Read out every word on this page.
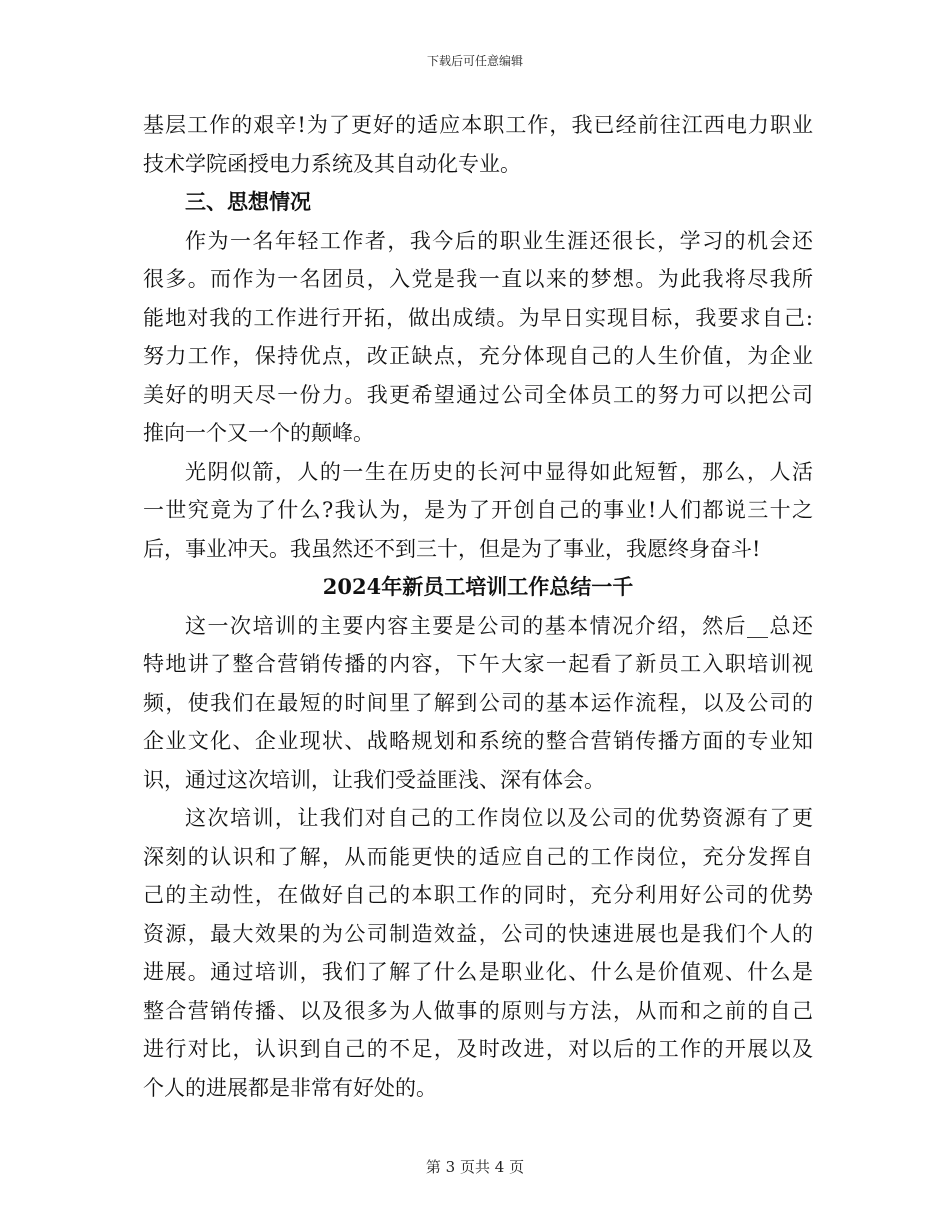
下载后可任意编辑
基层工作的艰辛!为了更好的适应本职工作，我已经前往江西电力职业
技术学院函授电力系统及其自动化专业。
三、思想情况
作为一名年轻工作者，我今后的职业生涯还很长，学习的机会还
很多。而作为一名团员，入党是我一直以来的梦想。为此我将尽我所
能地对我的工作进行开拓，做出成绩。为早日实现目标，我要求自己:
努力工作，保持优点，改正缺点，充分体现自己的人生价值，为企业
美好的明天尽一份力。我更希望通过公司全体员工的努力可以把公司
推向一个又一个的颠峰。
光阴似箭，人的一生在历史的长河中显得如此短暂，那么，人活
一世究竟为了什么?我认为，是为了开创自己的事业!人们都说三十之
后，事业冲天。我虽然还不到三十，但是为了事业，我愿终身奋斗!
2024年新员工培训工作总结一千
这一次培训的主要内容主要是公司的基本情况介绍，然后__总还
特地讲了整合营销传播的内容，下午大家一起看了新员工入职培训视
频，使我们在最短的时间里了解到公司的基本运作流程，以及公司的
企业文化、企业现状、战略规划和系统的整合营销传播方面的专业知
识，通过这次培训，让我们受益匪浅、深有体会。
这次培训，让我们对自己的工作岗位以及公司的优势资源有了更
深刻的认识和了解，从而能更快的适应自己的工作岗位，充分发挥自
己的主动性，在做好自己的本职工作的同时，充分利用好公司的优势
资源，最大效果的为公司制造效益，公司的快速进展也是我们个人的
进展。通过培训，我们了解了什么是职业化、什么是价值观、什么是
整合营销传播、以及很多为人做事的原则与方法，从而和之前的自己
进行对比，认识到自己的不足，及时改进，对以后的工作的开展以及
个人的进展都是非常有好处的。
第 3 页共 4 页
